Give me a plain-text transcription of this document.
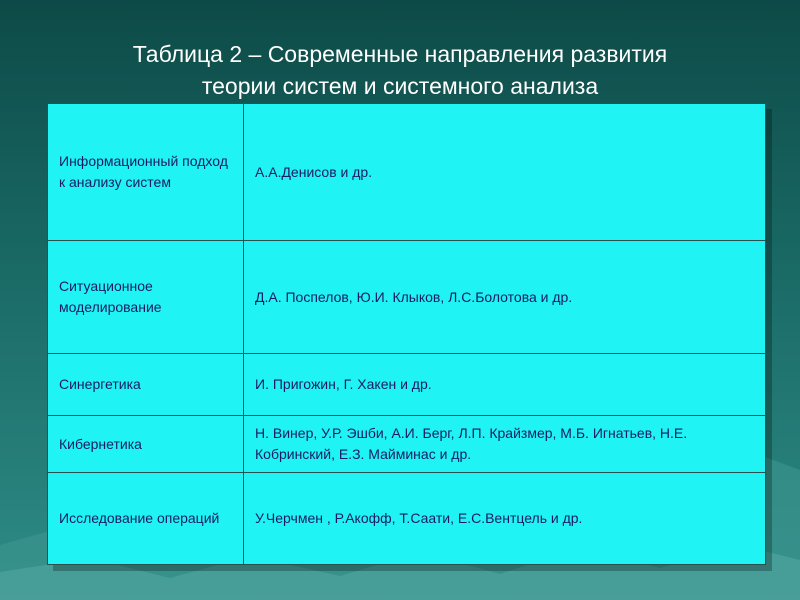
Таблица 2 – Современные направления развития
теории систем и системного анализа
Информационный подход к анализу систем	А.А.Денисов и др.
Ситуационное моделирование	Д.А. Поспелов, Ю.И. Клыков, Л.С.Болотова и др.
Синергетика	И. Пригожин, Г. Хакен и др.
Кибернетика	Н. Винер, У.Р. Эшби, А.И. Берг, Л.П. Крайзмер, М.Б. Игнатьев, Н.Е. Кобринский, Е.З. Майминас и др.
Исследование операций	У.Черчмен , Р.Акофф, Т.Саати, Е.С.Вентцель и др.
